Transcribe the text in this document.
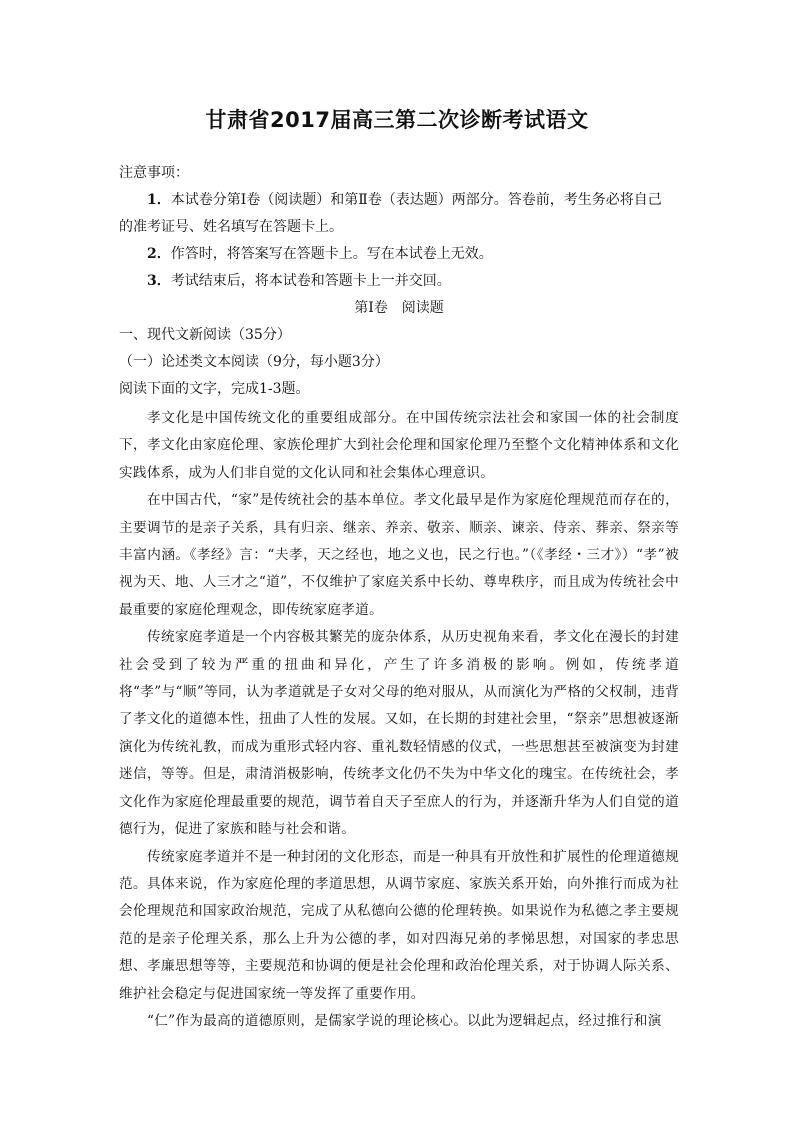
甘肃省2017届高三第二次诊断考试语文
注意事项：
1．本试卷分第Ⅰ卷（阅读题）和第Ⅱ卷（表达题）两部分。答卷前，考生务必将自己
的准考证号、姓名填写在答题卡上。
2．作答时，将答案写在答题卡上。写在本试卷上无效。
3．考试结束后，将本试卷和答题卡上一并交回。
第Ⅰ卷　阅读题
一、现代文新阅读（35分）
（一）论述类文本阅读（9分，每小题3分）
阅读下面的文字，完成1-3题。

孝文化是中国传统文化的重要组成部分。在中国传统宗法社会和家国一体的社会制度下，孝文化由家庭伦理、家族伦理扩大到社会伦理和国家伦理乃至整个文化精神体系和文化实践体系，成为人们非自觉的文化认同和社会集体心理意识。

在中国古代，“家”是传统社会的基本单位。孝文化最早是作为家庭伦理规范而存在的，主要调节的是亲子关系，具有归亲、继亲、养亲、敬亲、顺亲、谏亲、侍亲、葬亲、祭亲等丰富内涵。《孝经》言：“夫孝，天之经也，地之义也，民之行也。”（《孝经・三才》）“孝”被视为天、地、人三才之“道”，不仅维护了家庭关系中长幼、尊卑秩序，而且成为传统社会中最重要的家庭伦理观念，即传统家庭孝道。

传统家庭孝道是一个内容极其繁芜的庞杂体系，从历史视角来看，孝文化在漫长的封建社会受到了较为严重的扭曲和异化，产生了许多消极的影响。例如，传统孝道将“孝”与“顺”等同，认为孝道就是子女对父母的绝对服从，从而演化为严格的父权制，违背了孝文化的道德本性，扭曲了人性的发展。又如，在长期的封建社会里，“祭亲”思想被逐渐演化为传统礼教，而成为重形式轻内容、重礼数轻情感的仪式，一些思想甚至被演变为封建迷信，等等。但是，肃清消极影响，传统孝文化仍不失为中华文化的瑰宝。在传统社会，孝文化作为家庭伦理最重要的规范，调节着自天子至庶人的行为，并逐渐升华为人们自觉的道德行为，促进了家族和睦与社会和谐。

传统家庭孝道并不是一种封闭的文化形态，而是一种具有开放性和扩展性的伦理道德规范。具体来说，作为家庭伦理的孝道思想，从调节家庭、家族关系开始，向外推行而成为社会伦理规范和国家政治规范，完成了从私德向公德的伦理转换。如果说作为私德之孝主要规范的是亲子伦理关系，那么上升为公德的孝，如对四海兄弟的孝悌思想，对国家的孝忠思想、孝廉思想等等，主要规范和协调的便是社会伦理和政治伦理关系，对于协调人际关系、维护社会稳定与促进国家统一等发挥了重要作用。

“仁”作为最高的道德原则，是儒家学说的理论核心。以此为逻辑起点，经过推行和演
